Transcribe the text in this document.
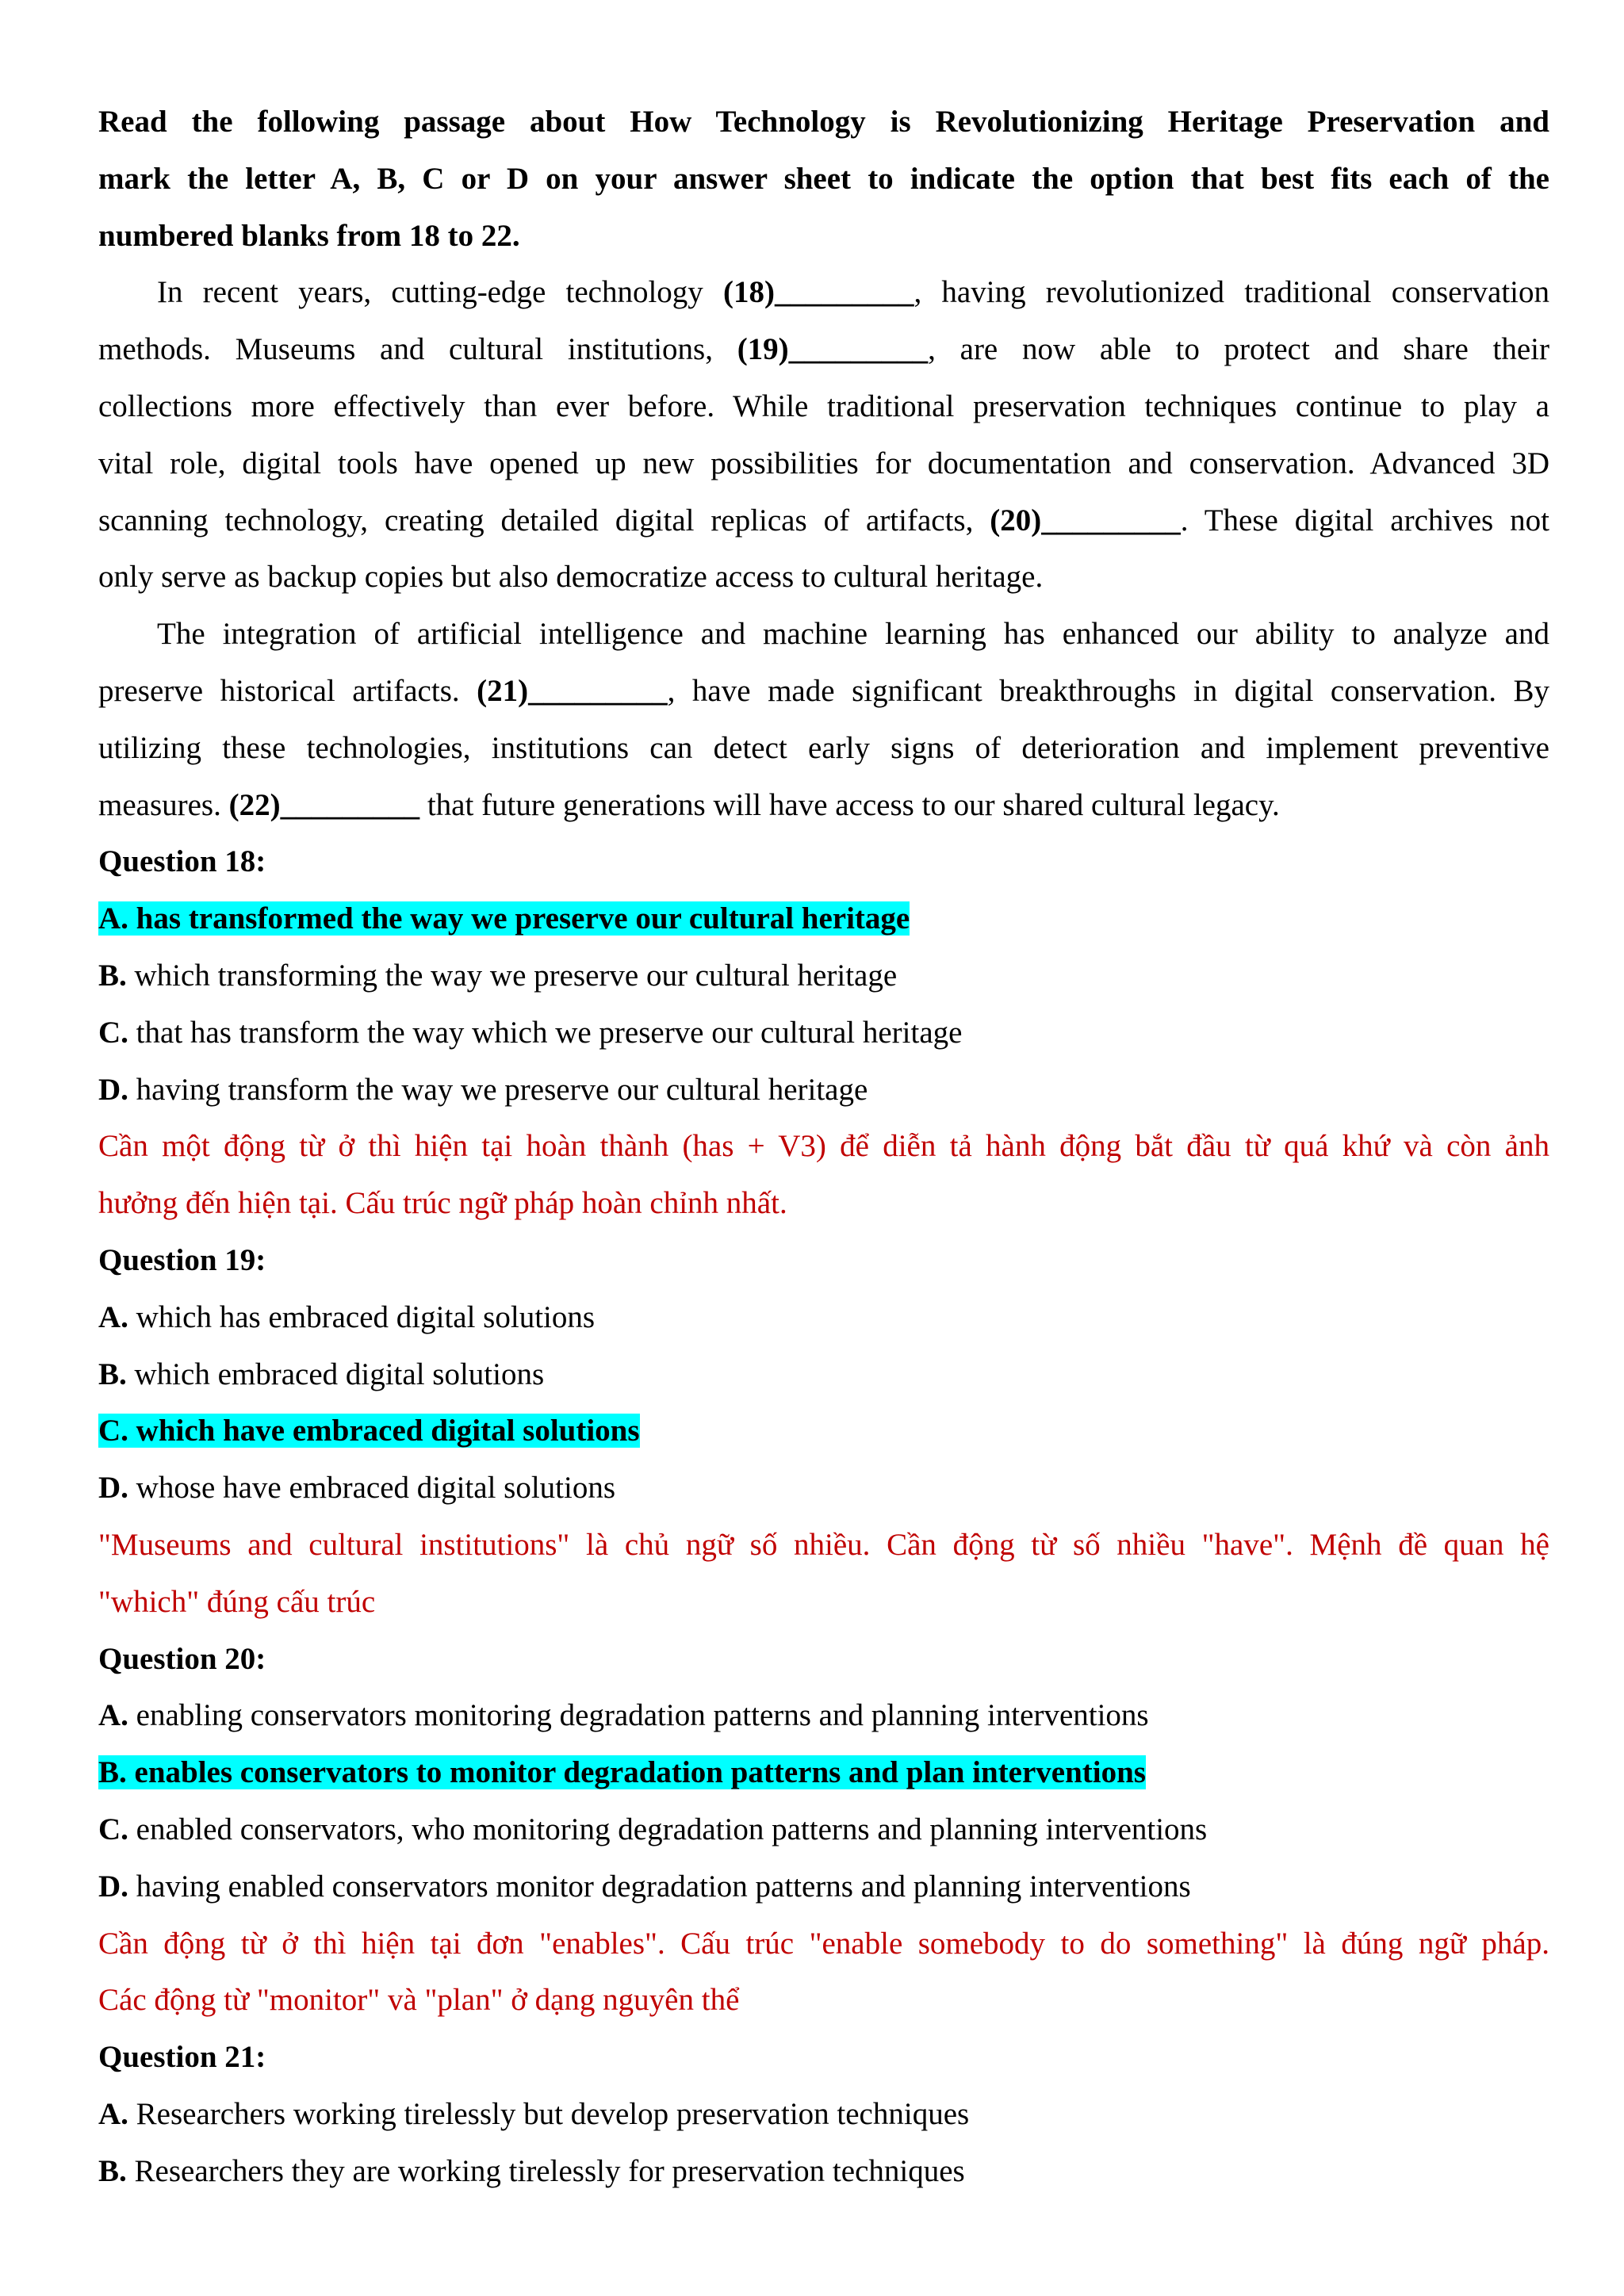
Read the following passage about How Technology is Revolutionizing Heritage Preservation and
mark the letter A, B, C or D on your answer sheet to indicate the option that best fits each of the
numbered blanks from 18 to 22.
In recent years, cutting-edge technology (18)_________, having revolutionized traditional conservation
methods. Museums and cultural institutions, (19)_________, are now able to protect and share their
collections more effectively than ever before. While traditional preservation techniques continue to play a
vital role, digital tools have opened up new possibilities for documentation and conservation. Advanced 3D
scanning technology, creating detailed digital replicas of artifacts, (20)_________. These digital archives not
only serve as backup copies but also democratize access to cultural heritage.
The integration of artificial intelligence and machine learning has enhanced our ability to analyze and
preserve historical artifacts. (21)_________, have made significant breakthroughs in digital conservation. By
utilizing these technologies, institutions can detect early signs of deterioration and implement preventive
measures. (22)_________ that future generations will have access to our shared cultural legacy.
Question 18:
A. has transformed the way we preserve our cultural heritage
B. which transforming the way we preserve our cultural heritage
C. that has transform the way which we preserve our cultural heritage
D. having transform the way we preserve our cultural heritage
Cần một động từ ở thì hiện tại hoàn thành (has + V3) để diễn tả hành động bắt đầu từ quá khứ và còn ảnh
hưởng đến hiện tại. Cấu trúc ngữ pháp hoàn chỉnh nhất.
Question 19:
A. which has embraced digital solutions
B. which embraced digital solutions
C. which have embraced digital solutions
D. whose have embraced digital solutions
"Museums and cultural institutions" là chủ ngữ số nhiều. Cần động từ số nhiều "have". Mệnh đề quan hệ
"which" đúng cấu trúc
Question 20:
A. enabling conservators monitoring degradation patterns and planning interventions
B. enables conservators to monitor degradation patterns and plan interventions
C. enabled conservators, who monitoring degradation patterns and planning interventions
D. having enabled conservators monitor degradation patterns and planning interventions
Cần động từ ở thì hiện tại đơn "enables". Cấu trúc "enable somebody to do something" là đúng ngữ pháp.
Các động từ "monitor" và "plan" ở dạng nguyên thể
Question 21:
A. Researchers working tirelessly but develop preservation techniques
B. Researchers they are working tirelessly for preservation techniques
